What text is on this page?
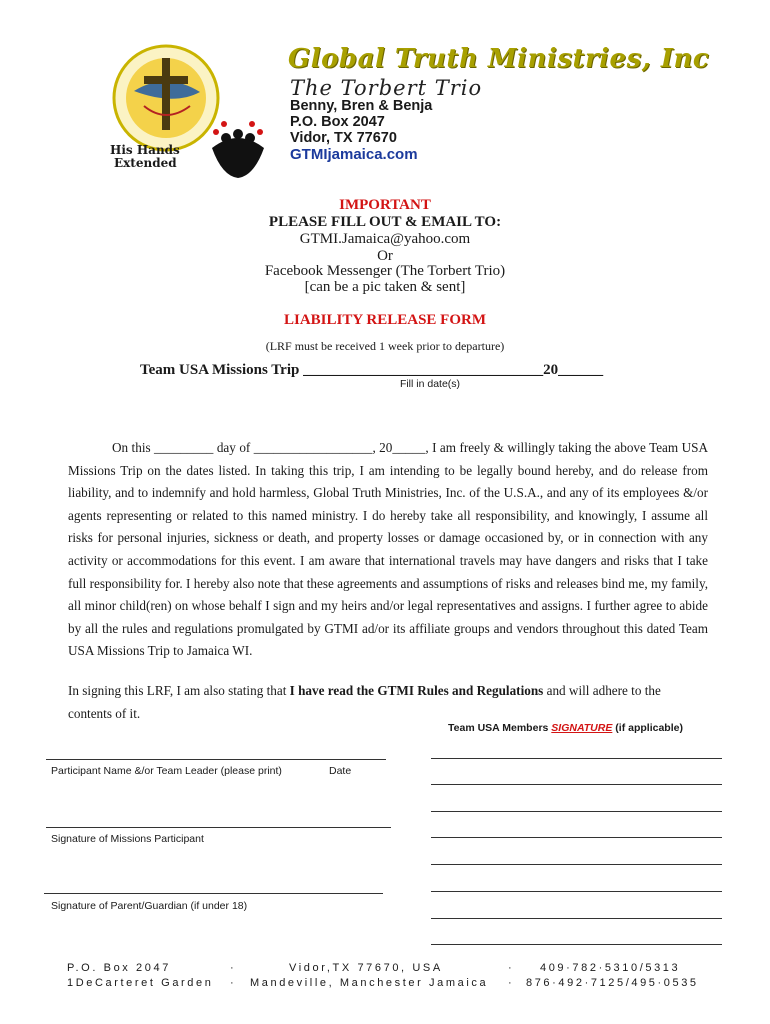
His Hands
Extended
Global Truth Ministries, Inc
The Torbert Trio
Benny, Bren & Benja
P.O. Box 2047
Vidor, TX 77670
GTMIjamaica.com
IMPORTANT
PLEASE FILL OUT & EMAIL TO:
GTMI.Jamaica@yahoo.com
Or
Facebook Messenger (The Torbert Trio)
[can be a pic taken & sent]
LIABILITY RELEASE FORM
(LRF must be received 1 week prior to departure)
Team USA Missions Trip ________________________________20______
Fill in date(s)

On this _________ day of __________________, 20_____, I am freely & willingly taking the above Team USA Missions Trip on the dates listed. In taking this trip, I am intending to be legally bound hereby, and do release from liability, and to indemnify and hold harmless, Global Truth Ministries, Inc. of the U.S.A., and any of its employees &/or agents representing or related to this named ministry. I do hereby take all responsibility, and knowingly, I assume all risks for personal injuries, sickness or death, and property losses or damage occasioned by, or in connection with any activity or accommodations for this event. I am aware that international travels may have dangers and risks that I take full responsibility for. I hereby also note that these agreements and assumptions of risks and releases bind me, my family, all minor child(ren) on whose behalf I sign and my heirs and/or legal representatives and assigns. I further agree to abide by all the rules and regulations promulgated by GTMI ad/or its affiliate groups and vendors throughout this dated Team USA Missions Trip to Jamaica WI.

In signing this LRF, I am also stating that I have read the GTMI Rules and Regulations and will adhere to the contents of it.
Team USA Members SIGNATURE (if applicable)
Participant Name &/or Team Leader (please print)	Date
Signature of Missions Participant
Signature of Parent/Guardian (if under 18)
P.O. Box 2047
1DeCarteret Garden
·
·
Vidor,TX 77670, USA
Mandeville, Manchester Jamaica
·
·
409·782·5310/5313
876·492·7125/495·0535
